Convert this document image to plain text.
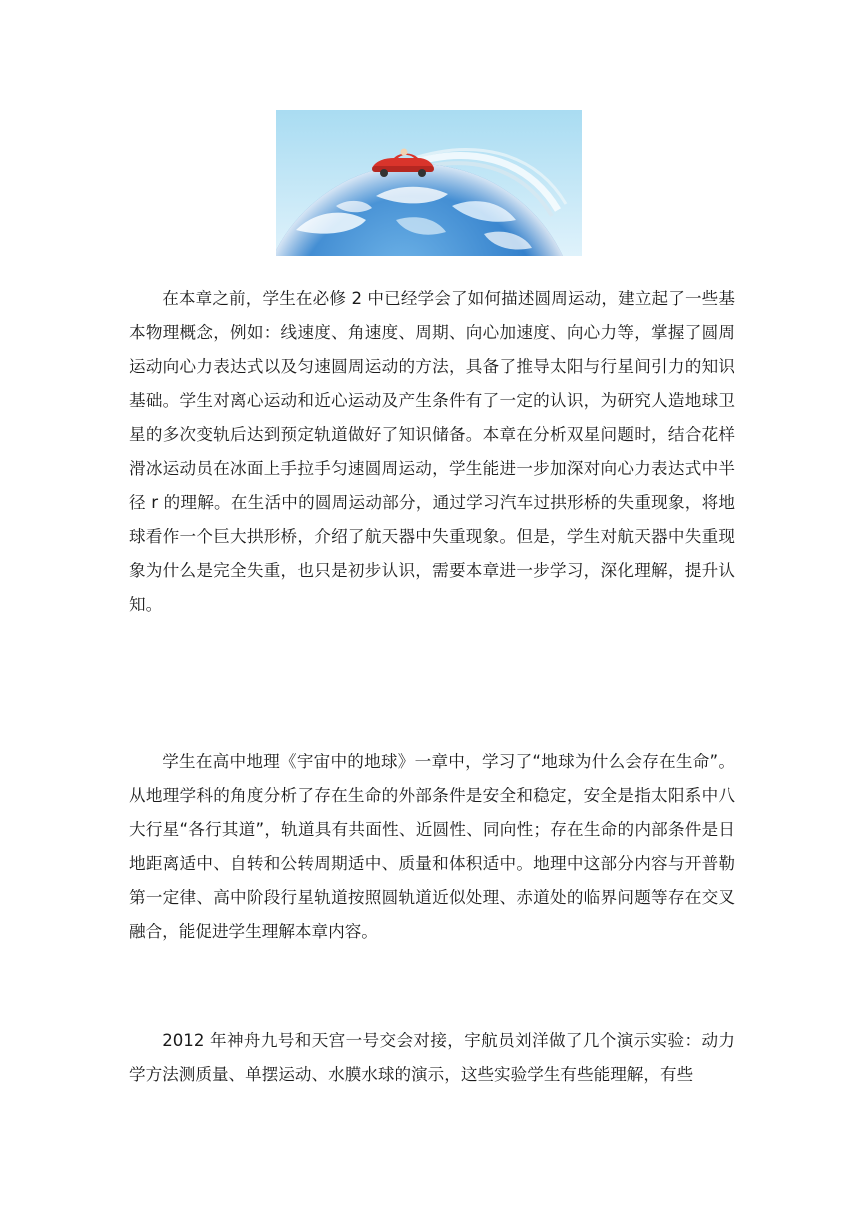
在本章之前，学生在必修 2 中已经学会了如何描述圆周运动，建立起了一些基本物理概念，例如：线速度、角速度、周期、向心加速度、向心力等，掌握了圆周运动向心力表达式以及匀速圆周运动的方法，具备了推导太阳与行星间引力的知识基础。学生对离心运动和近心运动及产生条件有了一定的认识，为研究人造地球卫星的多次变轨后达到预定轨道做好了知识储备。本章在分析双星问题时，结合花样滑冰运动员在冰面上手拉手匀速圆周运动，学生能进一步加深对向心力表达式中半径 r 的理解。在生活中的圆周运动部分，通过学习汽车过拱形桥的失重现象，将地球看作一个巨大拱形桥，介绍了航天器中失重现象。但是，学生对航天器中失重现象为什么是完全失重，也只是初步认识，需要本章进一步学习，深化理解，提升认知。

学生在高中地理《宇宙中的地球》一章中，学习了“地球为什么会存在生命”。从地理学科的角度分析了存在生命的外部条件是安全和稳定，安全是指太阳系中八大行星“各行其道”，轨道具有共面性、近圆性、同向性；存在生命的内部条件是日地距离适中、自转和公转周期适中、质量和体积适中。地理中这部分内容与开普勒第一定律、高中阶段行星轨道按照圆轨道近似处理、赤道处的临界问题等存在交叉融合，能促进学生理解本章内容。

2012 年神舟九号和天宫一号交会对接，宇航员刘洋做了几个演示实验：动力学方法测质量、单摆运动、水膜水球的演示，这些实验学生有些能理解，有些
